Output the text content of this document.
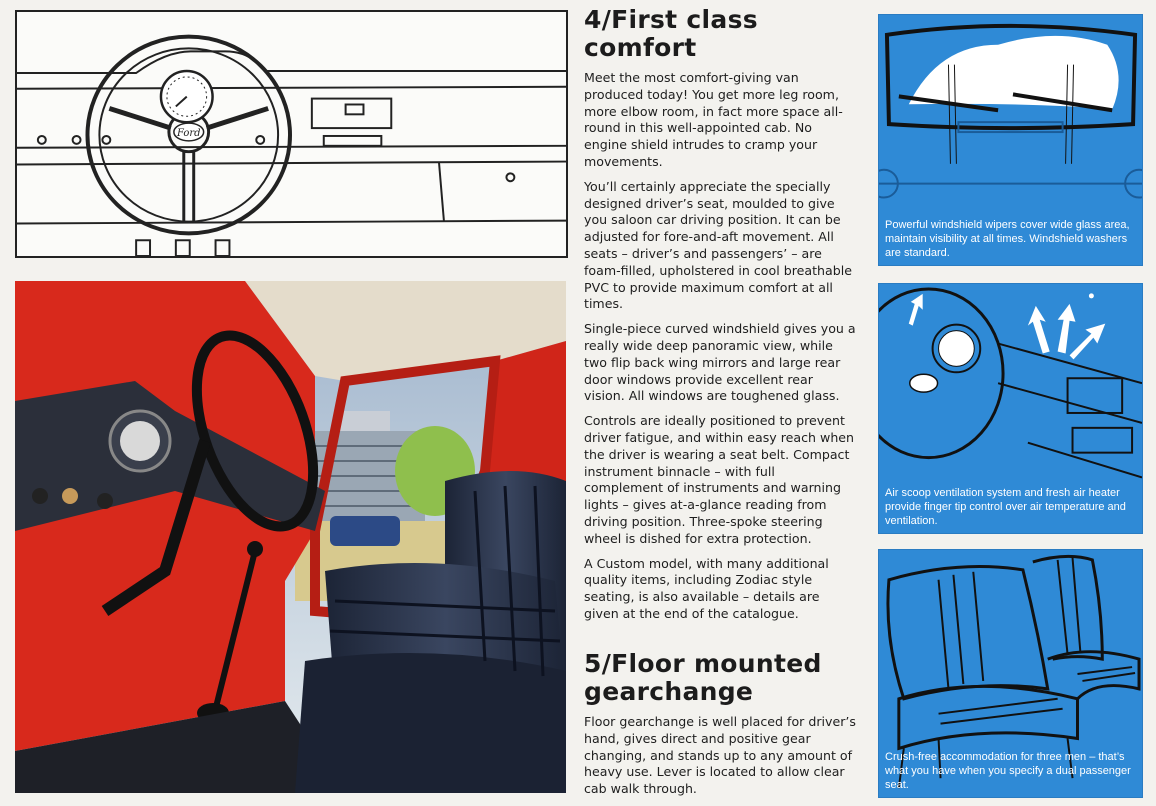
Ford
4/First class
comfort

Meet the most comfort-giving van produced today! You get more leg room, more elbow room, in fact more space all-round in this well-appointed cab. No engine shield intrudes to cramp your movements.

You’ll certainly appreciate the specially designed driver’s seat, moulded to give you saloon car driving position. It can be adjusted for fore-and-aft movement. All seats – driver’s and passengers’ – are foam-filled, upholstered in cool breathable PVC to provide maximum comfort at all times.

Single-piece curved windshield gives you a really wide deep panoramic view, while two flip back wing mirrors and large rear door windows provide excellent rear vision. All windows are toughened glass.

Controls are ideally positioned to prevent driver fatigue, and within easy reach when the driver is wearing a seat belt. Compact instrument binnacle – with full complement of instruments and warning lights – gives at-a-glance reading from driving position. Three-spoke steering wheel is dished for extra protection.

A Custom model, with many additional quality items, including Zodiac style seating, is also available – details are given at the end of the catalogue.

5/Floor mounted
gearchange

Floor gearchange is well placed for driver’s hand, gives direct and positive gear changing, and stands up to any amount of heavy use. Lever is located to allow clear cab walk through.

Powerful windshield wipers cover wide glass area, maintain visibility at all times. Windshield washers are standard.
Air scoop ventilation system and fresh air heater provide finger tip control over air temperature and ventilation.
Crush-free accommodation for three men – that’s what you have when you specify a dual passenger seat.
